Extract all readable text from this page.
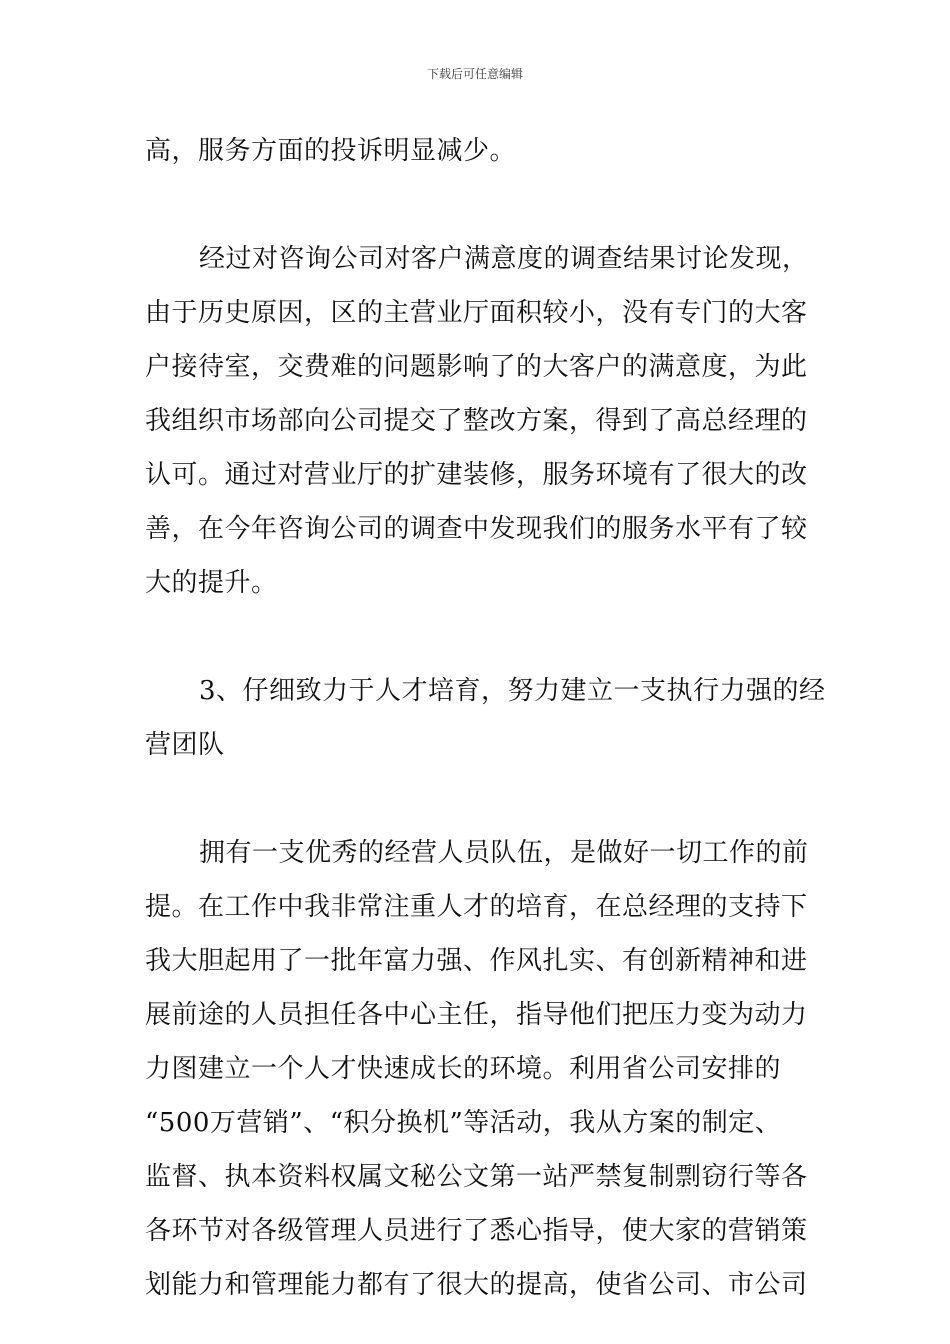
下载后可任意编辑
高，服务方面的投诉明显减少。
经过对咨询公司对客户满意度的调查结果讨论发现，
由于历史原因，区的主营业厅面积较小，没有专门的大客
户接待室，交费难的问题影响了的大客户的满意度，为此
我组织市场部向公司提交了整改方案，得到了高总经理的
认可。通过对营业厅的扩建装修，服务环境有了很大的改
善，在今年咨询公司的调查中发现我们的服务水平有了较
大的提升。
3、仔细致力于人才培育，努力建立一支执行力强的经
营团队
拥有一支优秀的经营人员队伍，是做好一切工作的前
提。在工作中我非常注重人才的培育，在总经理的支持下
我大胆起用了一批年富力强、作风扎实、有创新精神和进
展前途的人员担任各中心主任，指导他们把压力变为动力
力图建立一个人才快速成长的环境。利用省公司安排的
“500万营销”、“积分换机”等活动，我从方案的制定、
监督、执本资料权属文秘公文第一站严禁复制剽窃行等各
各环节对各级管理人员进行了悉心指导，使大家的营销策
划能力和管理能力都有了很大的提高，使省公司、市公司
